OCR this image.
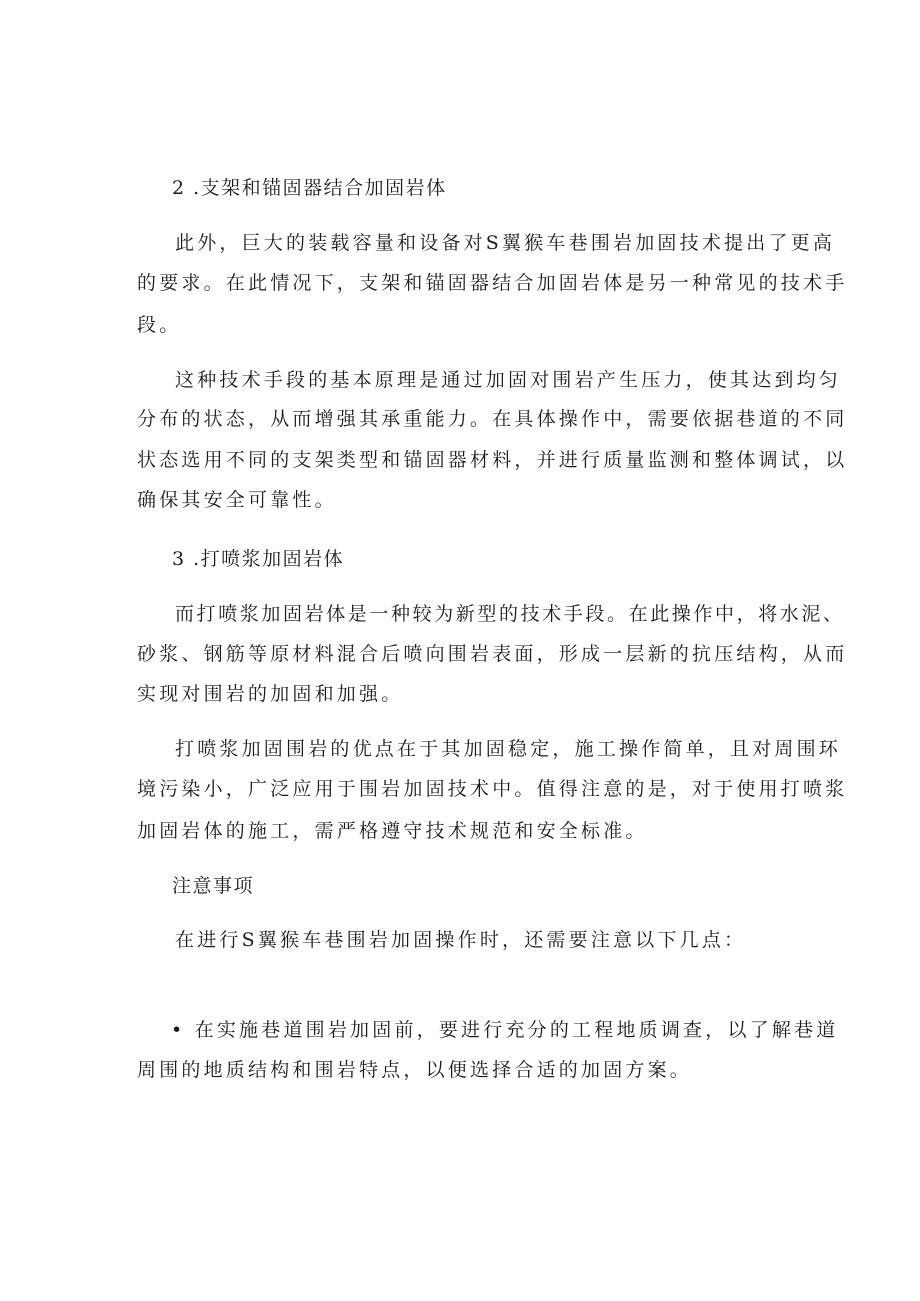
2 .支架和锚固器结合加固岩体
此外，巨大的装载容量和设备对S翼猴车巷围岩加固技术提出了更高
的要求。在此情况下，支架和锚固器结合加固岩体是另一种常见的技术手
段。
这种技术手段的基本原理是通过加固对围岩产生压力，使其达到均匀
分布的状态，从而增强其承重能力。在具体操作中，需要依据巷道的不同
状态选用不同的支架类型和锚固器材料，并进行质量监测和整体调试，以
确保其安全可靠性。
3 .打喷浆加固岩体
而打喷浆加固岩体是一种较为新型的技术手段。在此操作中，将水泥、
砂浆、钢筋等原材料混合后喷向围岩表面，形成一层新的抗压结构，从而
实现对围岩的加固和加强。
打喷浆加固围岩的优点在于其加固稳定，施工操作简单，且对周围环
境污染小，广泛应用于围岩加固技术中。值得注意的是，对于使用打喷浆
加固岩体的施工，需严格遵守技术规范和安全标准。
注意事项
在进行S翼猴车巷围岩加固操作时，还需要注意以下几点：
• 在实施巷道围岩加固前，要进行充分的工程地质调查，以了解巷道
周围的地质结构和围岩特点，以便选择合适的加固方案。
